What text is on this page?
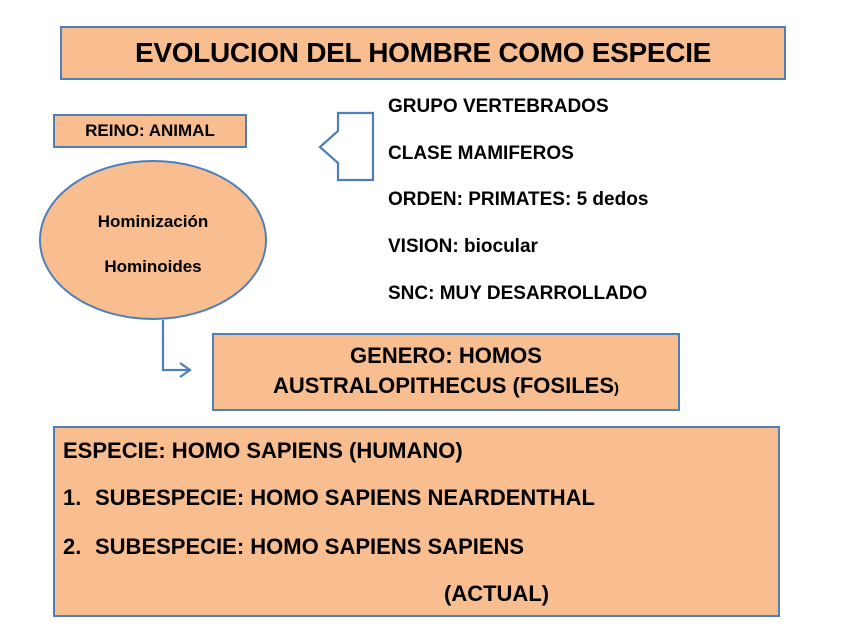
EVOLUCION DEL HOMBRE COMO ESPECIE
REINO: ANIMAL
Hominización
Hominoides
GRUPO VERTEBRADOS
CLASE MAMIFEROS
ORDEN: PRIMATES: 5 dedos
VISION: biocular
SNC: MUY DESARROLLADO
GENERO: HOMOS
AUSTRALOPITHECUS (FOSILES)
ESPECIE: HOMO SAPIENS (HUMANO)
1. SUBESPECIE: HOMO SAPIENS NEARDENTHAL
2. SUBESPECIE: HOMO SAPIENS SAPIENS
(ACTUAL)
